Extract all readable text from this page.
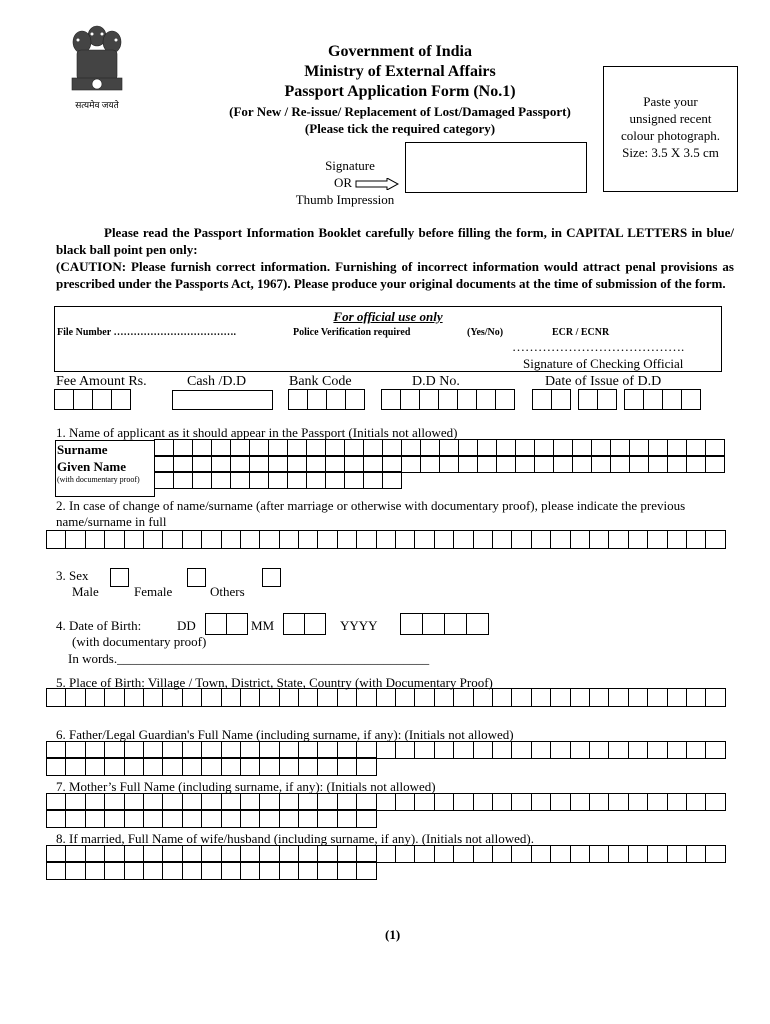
सत्यमेव जयते
Government of India
Ministry of External Affairs
Passport Application Form (No.1)
(For New / Re-issue/ Replacement of Lost/Damaged Passport)
(Please tick the required category)
Paste your
unsigned recent
colour photograph.
Size: 3.5 X 3.5 cm
Signature
OR
Thumb Impression
Please read the Passport Information Booklet carefully before filling the form, in CAPITAL LETTERS in blue/ black ball point pen only:
(CAUTION: Please furnish correct information. Furnishing of incorrect information would attract penal provisions as prescribed under the Passports Act, 1967). Please produce your original documents at the time of submission of the form.
For official use only
File Number ……………………………….	Police Verification required	(Yes/No)	ECR / ECNR
………………………………….
Signature of Checking Official
Fee Amount Rs.	Cash /D.D	Bank Code	D.D No.	Date of Issue of D.D
1. Name of applicant as it should appear in the Passport (Initials not allowed)
Surname
Given Name
(with documentary proof)
2. In case of change of name/surname (after marriage or otherwise with documentary proof), please indicate the previous name/surname in full
3. Sex
Male	Female	Others
4. Date of Birth:	DD	MM	YYYY
(with documentary proof)
In words.________________________________________________
5. Place of Birth: Village / Town, District, State, Country (with Documentary Proof)
6. Father/Legal Guardian's Full Name (including surname, if any): (Initials not allowed)
7. Mother’s Full Name (including surname, if any): (Initials not allowed)
8. If married, Full Name of wife/husband (including surname, if any). (Initials not allowed).
(1)
